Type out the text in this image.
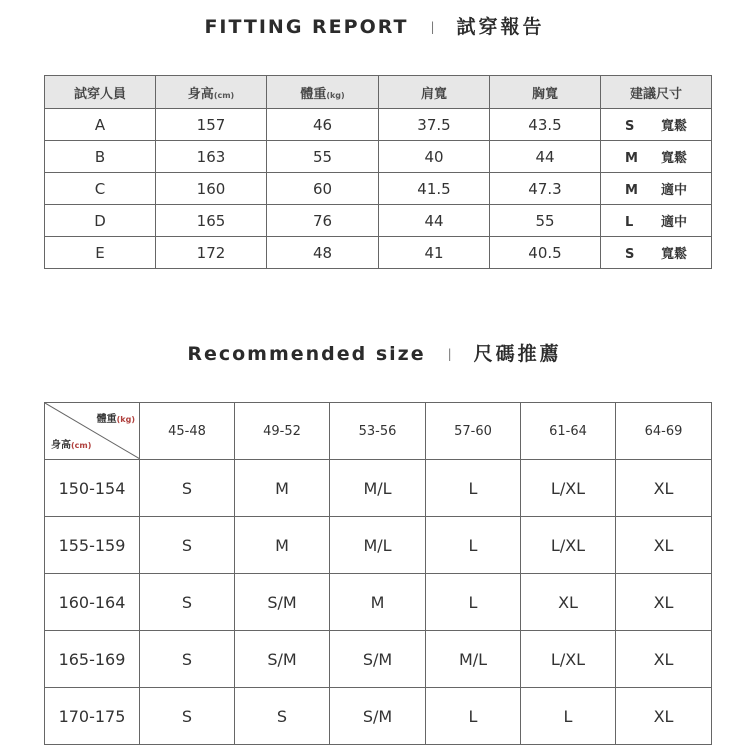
FITTING REPORT | 試穿報告
試穿人員	身高(cm)	體重(kg)	肩寬	胸寬	建議尺寸
A	157	46	37.5	43.5	S 寬鬆
B	163	55	40	44	M 寬鬆
C	160	60	41.5	47.3	M 適中
D	165	76	44	55	L 適中
E	172	48	41	40.5	S 寬鬆
Recommended size | 尺碼推薦
體重(kg)
身高(cm)	45-48	49-52	53-56	57-60	61-64	64-69
150-154	S	M	M/L	L	L/XL	XL
155-159	S	M	M/L	L	L/XL	XL
160-164	S	S/M	M	L	XL	XL
165-169	S	S/M	S/M	M/L	L/XL	XL
170-175	S	S	S/M	L	L	XL
